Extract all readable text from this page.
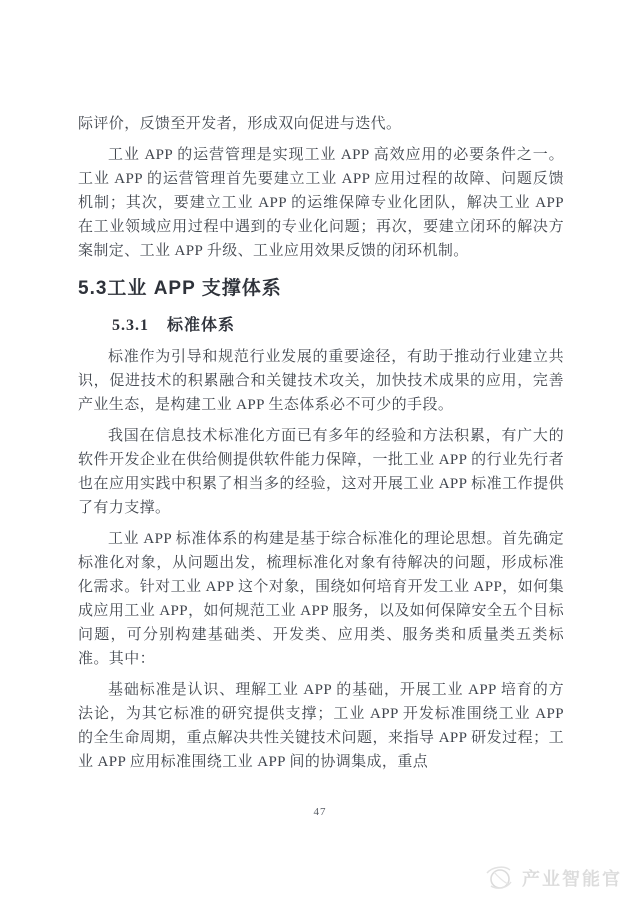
际评价，反馈至开发者，形成双向促进与迭代。

工业 APP 的运营管理是实现工业 APP 高效应用的必要条件之一。工业 APP 的运营管理首先要建立工业 APP 应用过程的故障、问题反馈机制；其次，要建立工业 APP 的运维保障专业化团队，解决工业 APP 在工业领域应用过程中遇到的专业化问题；再次，要建立闭环的解决方案制定、工业 APP 升级、工业应用效果反馈的闭环机制。

5.3工业 APP 支撑体系
5.3.1 标准体系

标准作为引导和规范行业发展的重要途径，有助于推动行业建立共识，促进技术的积累融合和关键技术攻关，加快技术成果的应用，完善产业生态，是构建工业 APP 生态体系必不可少的手段。

我国在信息技术标准化方面已有多年的经验和方法积累，有广大的软件开发企业在供给侧提供软件能力保障，一批工业 APP 的行业先行者也在应用实践中积累了相当多的经验，这对开展工业 APP 标准工作提供了有力支撑。

工业 APP 标准体系的构建是基于综合标准化的理论思想。首先确定标准化对象，从问题出发，梳理标准化对象有待解决的问题，形成标准化需求。针对工业 APP 这个对象，围绕如何培育开发工业 APP，如何集成应用工业 APP，如何规范工业 APP 服务，以及如何保障安全五个目标问题，可分别构建基础类、开发类、应用类、服务类和质量类五类标准。其中：

基础标准是认识、理解工业 APP 的基础，开展工业 APP 培育的方法论，为其它标准的研究提供支撑；工业 APP 开发标准围绕工业 APP 的全生命周期，重点解决共性关键技术问题，来指导 APP 研发过程；工业 APP 应用标准围绕工业 APP 间的协调集成，重点

47
产业智能官
